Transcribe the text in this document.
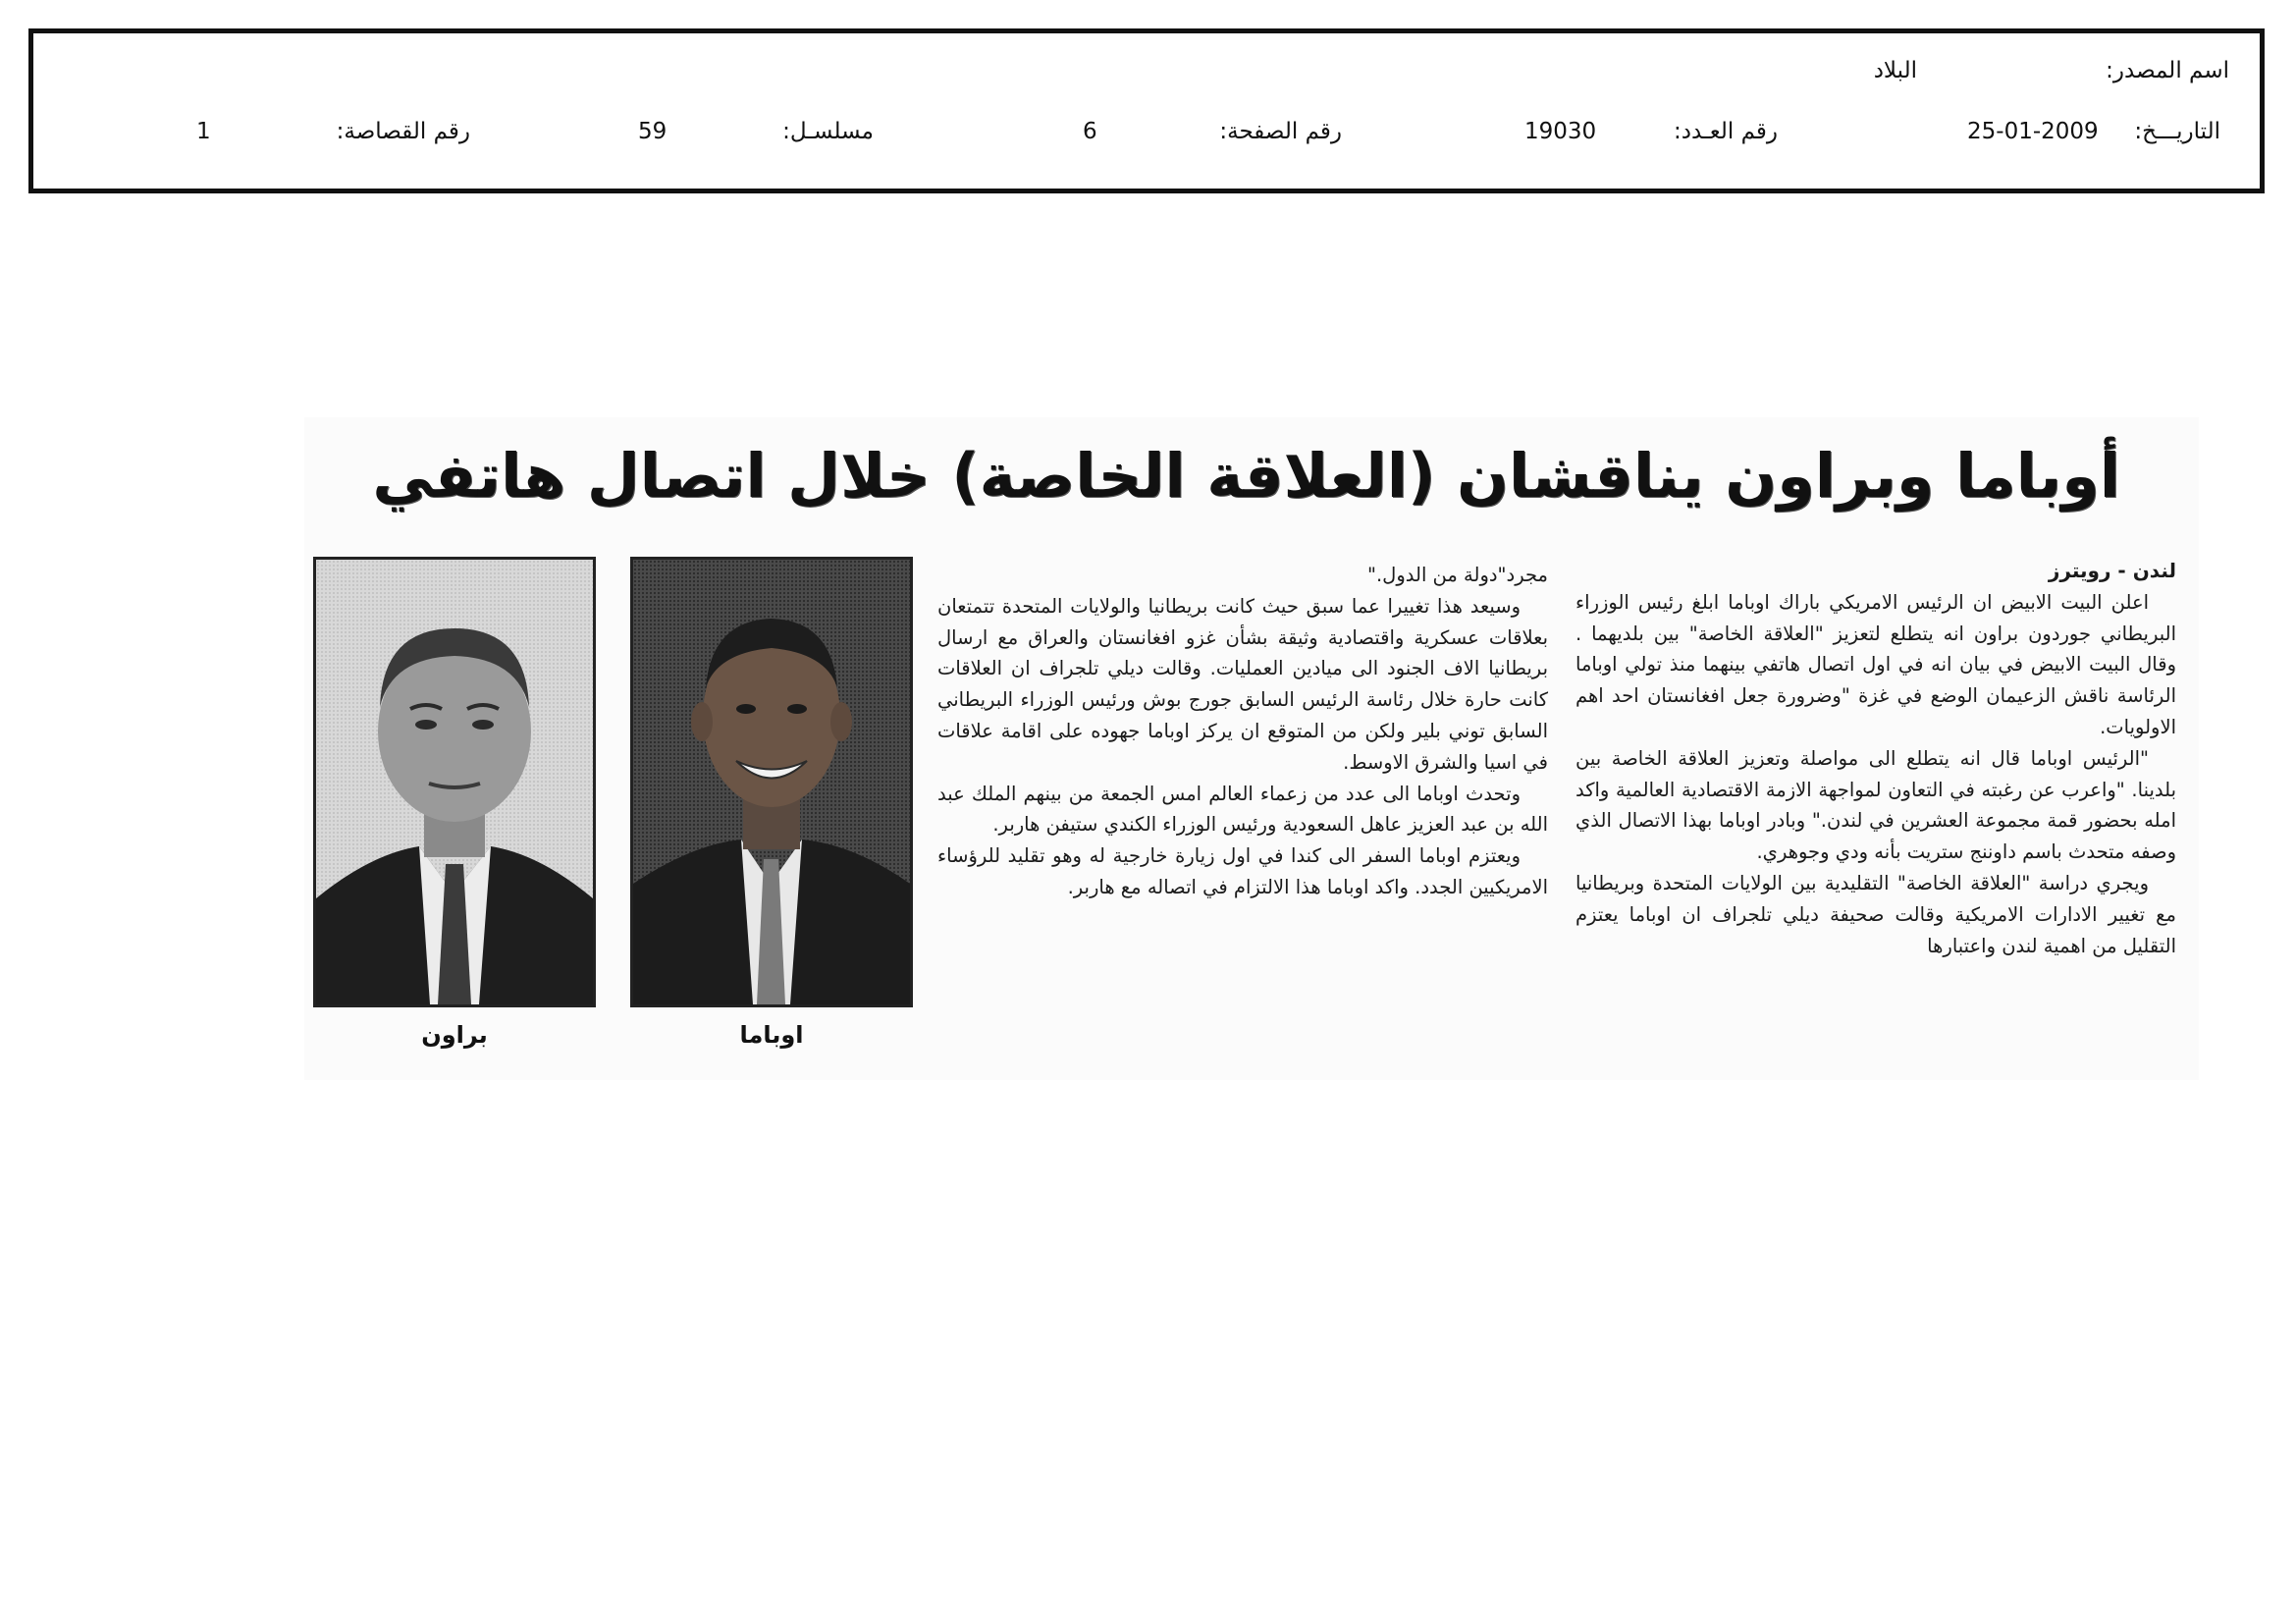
اسم المصدر:
البلاد
التاريـــخ:
25-01-2009
رقم العـدد:
19030
رقم الصفحة:
6
مسلسـل:
59
رقم القصاصة:
1
أوباما وبراون يناقشان (العلاقة الخاصة) خلال اتصال هاتفي

لندن - رويترز

اعلن البيت الابيض ان الرئيس الامريكي باراك اوباما ابلغ رئيس الوزراء البريطاني جوردون براون انه يتطلع لتعزيز "العلاقة الخاصة" بين بلديهما . وقال البيت الابيض في بيان انه في اول اتصال هاتفي بينهما منذ تولي اوباما الرئاسة ناقش الزعيمان الوضع في غزة "وضرورة جعل افغانستان احد اهم الاولويات.

"الرئيس اوباما قال انه يتطلع الى مواصلة وتعزيز العلاقة الخاصة بين بلدينا. "واعرب عن رغبته في التعاون لمواجهة الازمة الاقتصادية العالمية واكد امله بحضور قمة مجموعة العشرين في لندن." وبادر اوباما بهذا الاتصال الذي وصفه متحدث باسم داوننج ستريت بأنه ودي وجوهري.

ويجري دراسة "العلاقة الخاصة" التقليدية بين الولايات المتحدة وبريطانيا مع تغيير الادارات الامريكية وقالت صحيفة ديلي تلجراف ان اوباما يعتزم التقليل من اهمية لندن واعتبارها

مجرد"دولة من الدول."

وسيعد هذا تغييرا عما سبق حيث كانت بريطانيا والولايات المتحدة تتمتعان بعلاقات عسكرية واقتصادية وثيقة بشأن غزو افغانستان والعراق مع ارسال بريطانيا الاف الجنود الى ميادين العمليات. وقالت ديلي تلجراف ان العلاقات كانت حارة خلال رئاسة الرئيس السابق جورج بوش ورئيس الوزراء البريطاني السابق توني بلير ولكن من المتوقع ان يركز اوباما جهوده على اقامة علاقات في اسيا والشرق الاوسط.

وتحدث اوباما الى عدد من زعماء العالم امس الجمعة من بينهم الملك عبد الله بن عبد العزيز عاهل السعودية ورئيس الوزراء الكندي ستيفن هاربر.

ويعتزم اوباما السفر الى كندا في اول زيارة خارجية له وهو تقليد للرؤساء الامريكيين الجدد. واكد اوباما هذا الالتزام في اتصاله مع هاربر.

اوباما
براون
